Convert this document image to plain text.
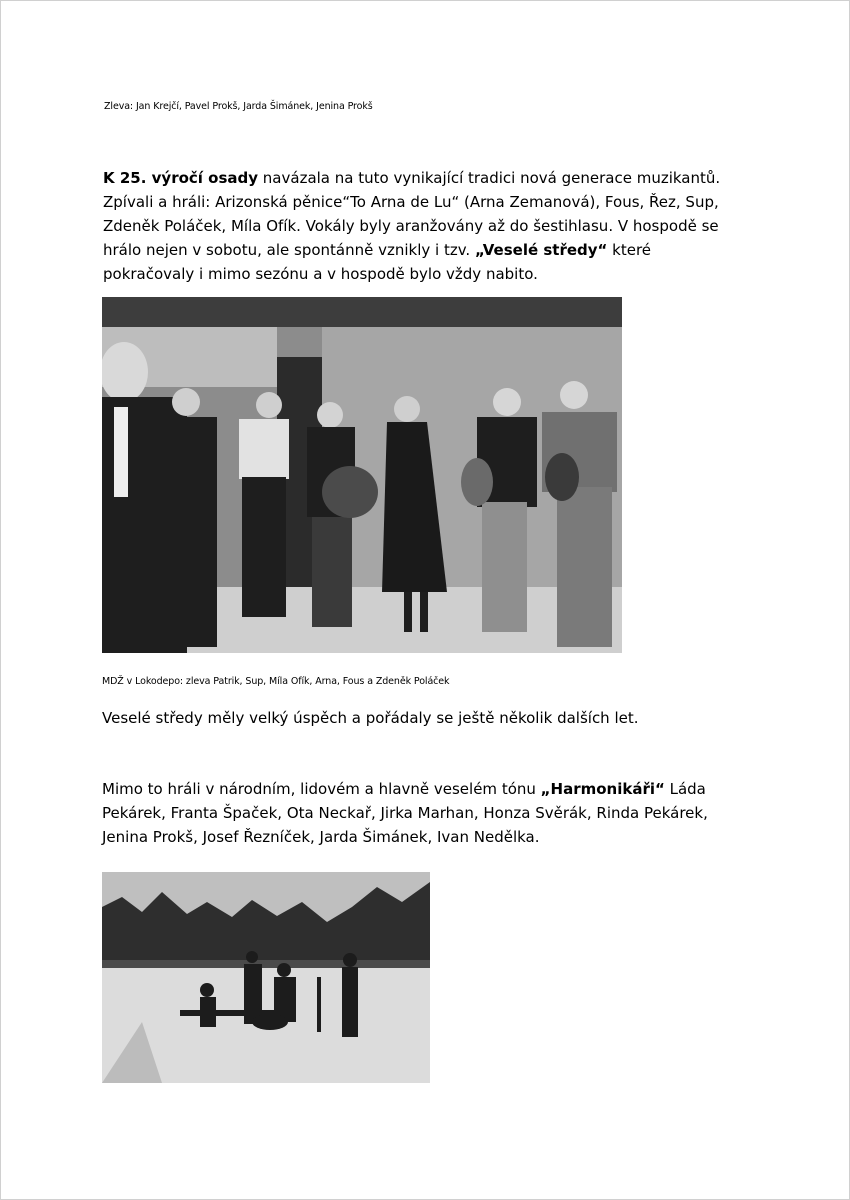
Zleva: Jan Krejčí, Pavel Prokš, Jarda Šimánek, Jenina Prokš
K 25. výročí osady navázala na tuto vynikající tradici nová generace muzikantů.
Zpívali a hráli: Arizonská pěnice“To Arna de Lu“ (Arna Zemanová), Fous, Řez, Sup,
Zdeněk Poláček, Míla Ofík. Vokály byly aranžovány až do šestihlasu. V hospodě se
hrálo nejen v sobotu, ale spontánně vznikly i tzv. „Veselé středy“ které
pokračovaly i mimo sezónu a v hospodě bylo vždy nabito.
MDŽ v Lokodepo: zleva Patrik, Sup, Míla Ofík, Arna, Fous a Zdeněk Poláček
Veselé středy měly velký úspěch a pořádaly se ještě několik dalších let.
Mimo to hráli v národním, lidovém a hlavně veselém tónu „Harmonikáři“ Láda
Pekárek, Franta Špaček, Ota Neckař, Jirka Marhan, Honza Svěrák, Rinda Pekárek,
Jenina Prokš, Josef Řezníček, Jarda Šimánek, Ivan Nedělka.
